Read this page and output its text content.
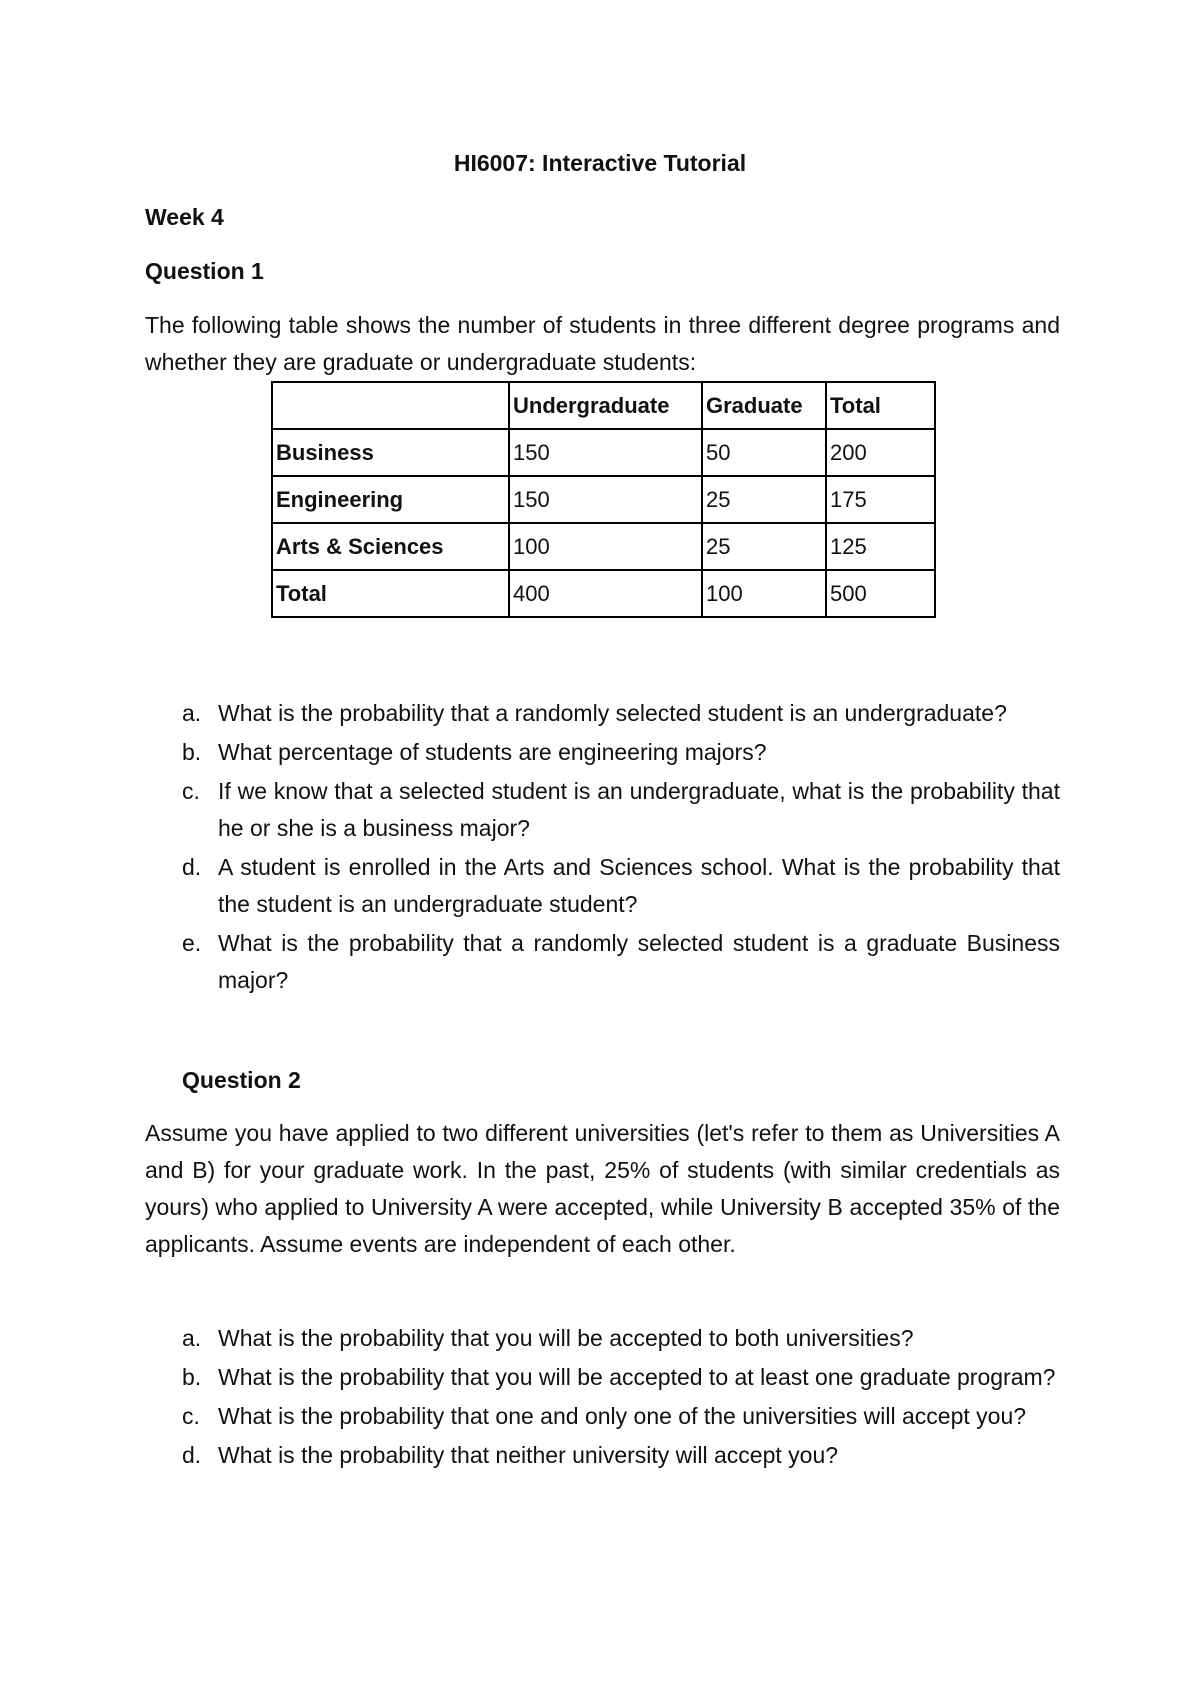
HI6007: Interactive Tutorial
Week 4
Question 1
The following table shows the number of students in three different degree programs and whether they are graduate or undergraduate students:
	Undergraduate	Graduate	Total
Business	150	50	200
Engineering	150	25	175
Arts & Sciences	100	25	125
Total	400	100	500
a. What is the probability that a randomly selected student is an undergraduate?
b. What percentage of students are engineering majors?
c. If we know that a selected student is an undergraduate, what is the probability that he or she is a business major?
d. A student is enrolled in the Arts and Sciences school. What is the probability that the student is an undergraduate student?
e. What is the probability that a randomly selected student is a graduate Business major?
Question 2
Assume you have applied to two different universities (let's refer to them as Universities A and B) for your graduate work. In the past, 25% of students (with similar credentials as yours) who applied to University A were accepted, while University B accepted 35% of the applicants. Assume events are independent of each other.
a. What is the probability that you will be accepted to both universities?
b. What is the probability that you will be accepted to at least one graduate program?
c. What is the probability that one and only one of the universities will accept you?
d. What is the probability that neither university will accept you?
